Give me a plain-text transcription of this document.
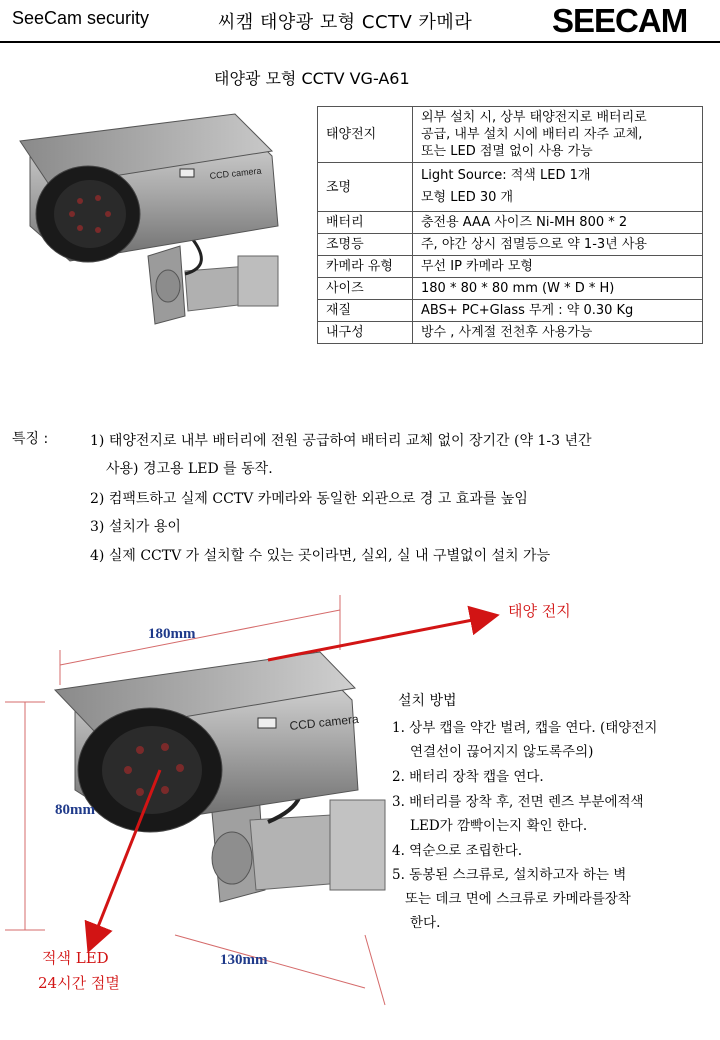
SeeCam security	씨캠 태양광 모형 CCTV 카메라 SEECAM
태양광 모형 CCTV VG-A61
CCD camera
태양전지	외부 설치 시, 상부 태양전지로 배터리로
공급, 내부 설치 시에 배터리 자주 교체,
또는 LED 점멸 없이 사용 가능

조명	Light Source: 적색 LED 1개
모형 LED 30 개

배터리	충전용 AAA 사이즈 Ni-MH 800 * 2

조명등	주, 야간 상시 점멸등으로 약 1-3년 사용

카메라 유형	무선 IP 카메라 모형

사이즈	180 * 80 * 80 mm (W * D * H)

재질	ABS+ PC+Glass 무게 : 약 0.30 Kg

내구성	방수 , 사계절 전천후 사용가능
특징 :	1) 태양전지로 내부 배터리에 전원 공급하여 배터리 교체 없이 장기간 (약 1-3 년간
사용) 경고용 LED 를 동작.
2) 컴팩트하고 실제 CCTV 카메라와 동일한 외관으로 경 고 효과를 높임
3) 설치가 용이
4) 실제 CCTV 가 설치할 수 있는 곳이라면, 실외, 실 내 구별없이 설치 가능
CCD camera
180mm
80mm
130mm
태양 전지
적색 LED
24시간 점멸
설치 방법
1. 상부 캡을 약간 벌려, 캡을 연다. (태양전지
연결선이 끊어지지 않도록주의)
2. 배터리 장착 캡을 연다.
3. 배터리를 장착 후, 전면 렌즈 부분에적색
LED가 깜빡이는지 확인 한다.
4. 역순으로 조립한다.
5. 동봉된 스크류로, 설치하고자 하는 벽
또는 데크 면에 스크류로 카메라를장착
한다.
